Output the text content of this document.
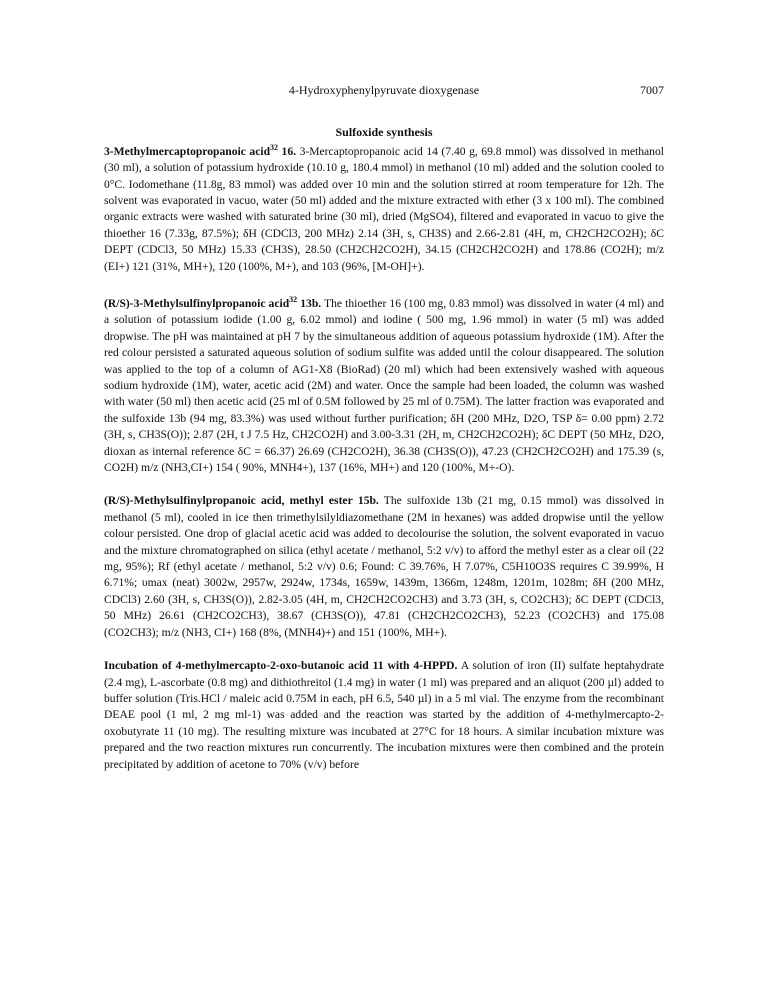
4-Hydroxyphenylpyruvate dioxygenase	7007
Sulfoxide synthesis

3-Methylmercaptopropanoic acid$^{32}$ 16. 3-Mercaptopropanoic acid 14 (7.40 g, 69.8 mmol) was dissolved in methanol (30 ml), a solution of potassium hydroxide (10.10 g, 180.4 mmol) in methanol (10 ml) added and the solution cooled to 0°C. Iodomethane (11.8g, 83 mmol) was added over 10 min and the solution stirred at room temperature for 12h. The solvent was evaporated in vacuo, water (50 ml) added and the mixture extracted with ether (3 x 100 ml). The combined organic extracts were washed with saturated brine (30 ml), dried (MgSO4), filtered and evaporated in vacuo to give the thioether 16 (7.33g, 87.5%); δH (CDCl3, 200 MHz) 2.14 (3H, s, CH3S) and 2.66-2.81 (4H, m, CH2CH2CO2H); δC DEPT (CDCl3, 50 MHz) 15.33 (CH3S), 28.50 (CH2CH2CO2H), 34.15 (CH2CH2CO2H) and 178.86 (CO2H); m/z (EI+) 121 (31%, MH+), 120 (100%, M+), and 103 (96%, [M-OH]+).

(R/S)-3-Methylsulfinylpropanoic acid$^{32}$ 13b. The thioether 16 (100 mg, 0.83 mmol) was dissolved in water (4 ml) and a solution of potassium iodide (1.00 g, 6.02 mmol) and iodine ( 500 mg, 1.96 mmol) in water (5 ml) was added dropwise. The pH was maintained at pH 7 by the simultaneous addition of aqueous potassium hydroxide (1M). After the red colour persisted a saturated aqueous solution of sodium sulfite was added until the colour disappeared. The solution was applied to the top of a column of AG1-X8 (BioRad) (20 ml) which had been extensively washed with aqueous sodium hydroxide (1M), water, acetic acid (2M) and water. Once the sample had been loaded, the column was washed with water (50 ml) then acetic acid (25 ml of 0.5M followed by 25 ml of 0.75M). The latter fraction was evaporated and the sulfoxide 13b (94 mg, 83.3%) was used without further purification; δH (200 MHz, D2O, TSP δ= 0.00 ppm) 2.72 (3H, s, CH3S(O)); 2.87 (2H, t J 7.5 Hz, CH2CO2H) and 3.00-3.31 (2H, m, CH2CH2CO2H); δC DEPT (50 MHz, D2O, dioxan as internal reference δC = 66.37) 26.69 (CH2CO2H), 36.38 (CH3S(O)), 47.23 (CH2CH2CO2H) and 175.39 (s, CO2H) m/z (NH3,CI+) 154 ( 90%, MNH4+), 137 (16%, MH+) and 120 (100%, M+-O).

(R/S)-Methylsulfinylpropanoic acid, methyl ester 15b. The sulfoxide 13b (21 mg, 0.15 mmol) was dissolved in methanol (5 ml), cooled in ice then trimethylsilyldiazomethane (2M in hexanes) was added dropwise until the yellow colour persisted. One drop of glacial acetic acid was added to decolourise the solution, the solvent evaporated in vacuo and the mixture chromatographed on silica (ethyl acetate / methanol, 5:2 v/v) to afford the methyl ester as a clear oil (22 mg, 95%); Rf (ethyl acetate / methanol, 5:2 v/v) 0.6; Found: C 39.76%, H 7.07%, C5H10O3S requires C 39.99%, H 6.71%; υmax (neat) 3002w, 2957w, 2924w, 1734s, 1659w, 1439m, 1366m, 1248m, 1201m, 1028m; δH (200 MHz, CDCl3) 2.60 (3H, s, CH3S(O)), 2.82-3.05 (4H, m, CH2CH2CO2CH3) and 3.73 (3H, s, CO2CH3); δC DEPT (CDCl3, 50 MHz) 26.61 (CH2CO2CH3), 38.67 (CH3S(O)), 47.81 (CH2CH2CO2CH3), 52.23 (CO2CH3) and 175.08 (CO2CH3); m/z (NH3, CI+) 168 (8%, (MNH4)+) and 151 (100%, MH+).

Incubation of 4-methylmercapto-2-oxo-butanoic acid 11 with 4-HPPD. A solution of iron (II) sulfate heptahydrate (2.4 mg), L-ascorbate (0.8 mg) and dithiothreitol (1.4 mg) in water (1 ml) was prepared and an aliquot (200 µl) added to buffer solution (Tris.HCl / maleic acid 0.75M in each, pH 6.5, 540 µl) in a 5 ml vial. The enzyme from the recombinant DEAE pool (1 ml, 2 mg ml-1) was added and the reaction was started by the addition of 4-methylmercapto-2-oxobutyrate 11 (10 mg). The resulting mixture was incubated at 27°C for 18 hours. A similar incubation mixture was prepared and the two reaction mixtures run concurrently. The incubation mixtures were then combined and the protein precipitated by addition of acetone to 70% (v/v) before
